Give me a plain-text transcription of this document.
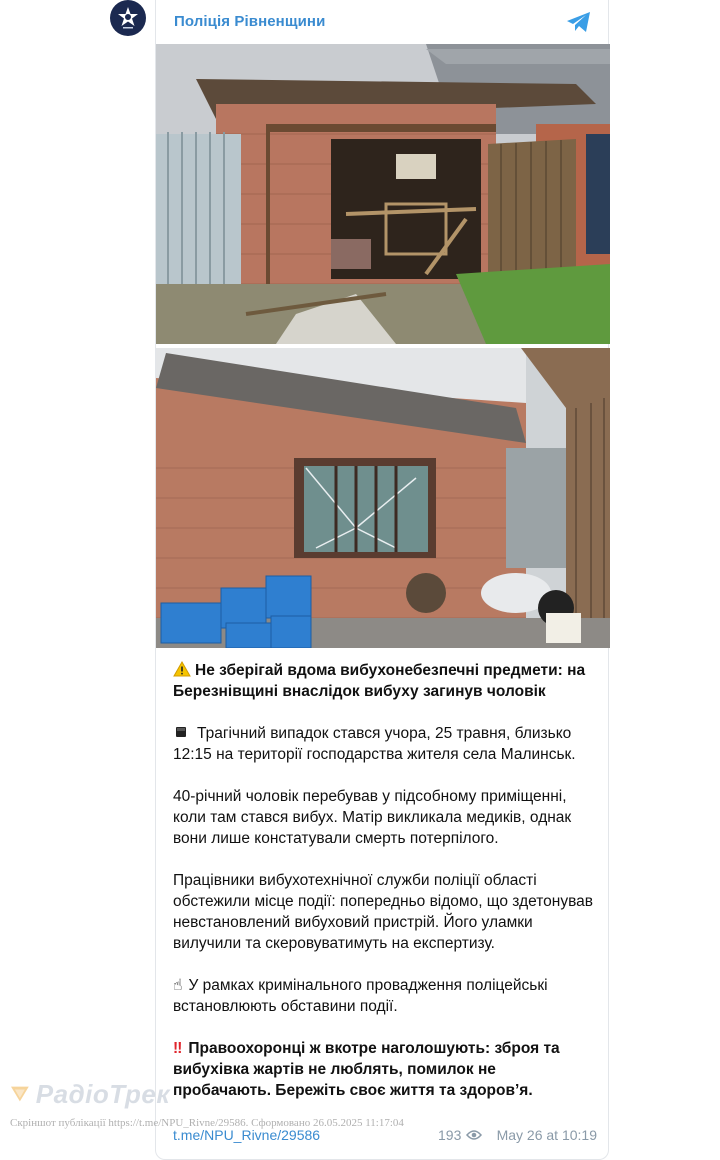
Поліція Рівненщини

Не зберігай вдома вибухонебезпечні предмети: на Березнівщині внаслідок вибуху загинув чоловік

Трагічний випадок стався учора, 25 травня, близько 12:15 на території господарства жителя села Малинськ.

40-річний чоловік перебував у підсобному приміщенні, коли там стався вибух. Матір викликала медиків, однак вони лише констатували смерть потерпілого.

Працівники вибухотехнічної служби поліції області обстежили місце події: попередньо відомо, що здетонував невстановлений вибуховий пристрій. Його уламки вилучили та скеровуватимуть на експертизу.

☝ У рамках кримінального провадження поліцейські встановлюють обставини події.

‼ Правоохоронці ж вкотре наголошують: зброя та вибухівка жартів не люблять, помилок не пробачають. Бережіть своє життя та здоров’я.

t.me/NPU_Rivne/29586	193	May 26 at 10:19
РадіоТрек
Скріншот публікації https://t.me/NPU_Rivne/29586. Сформовано 26.05.2025 11:17:04
